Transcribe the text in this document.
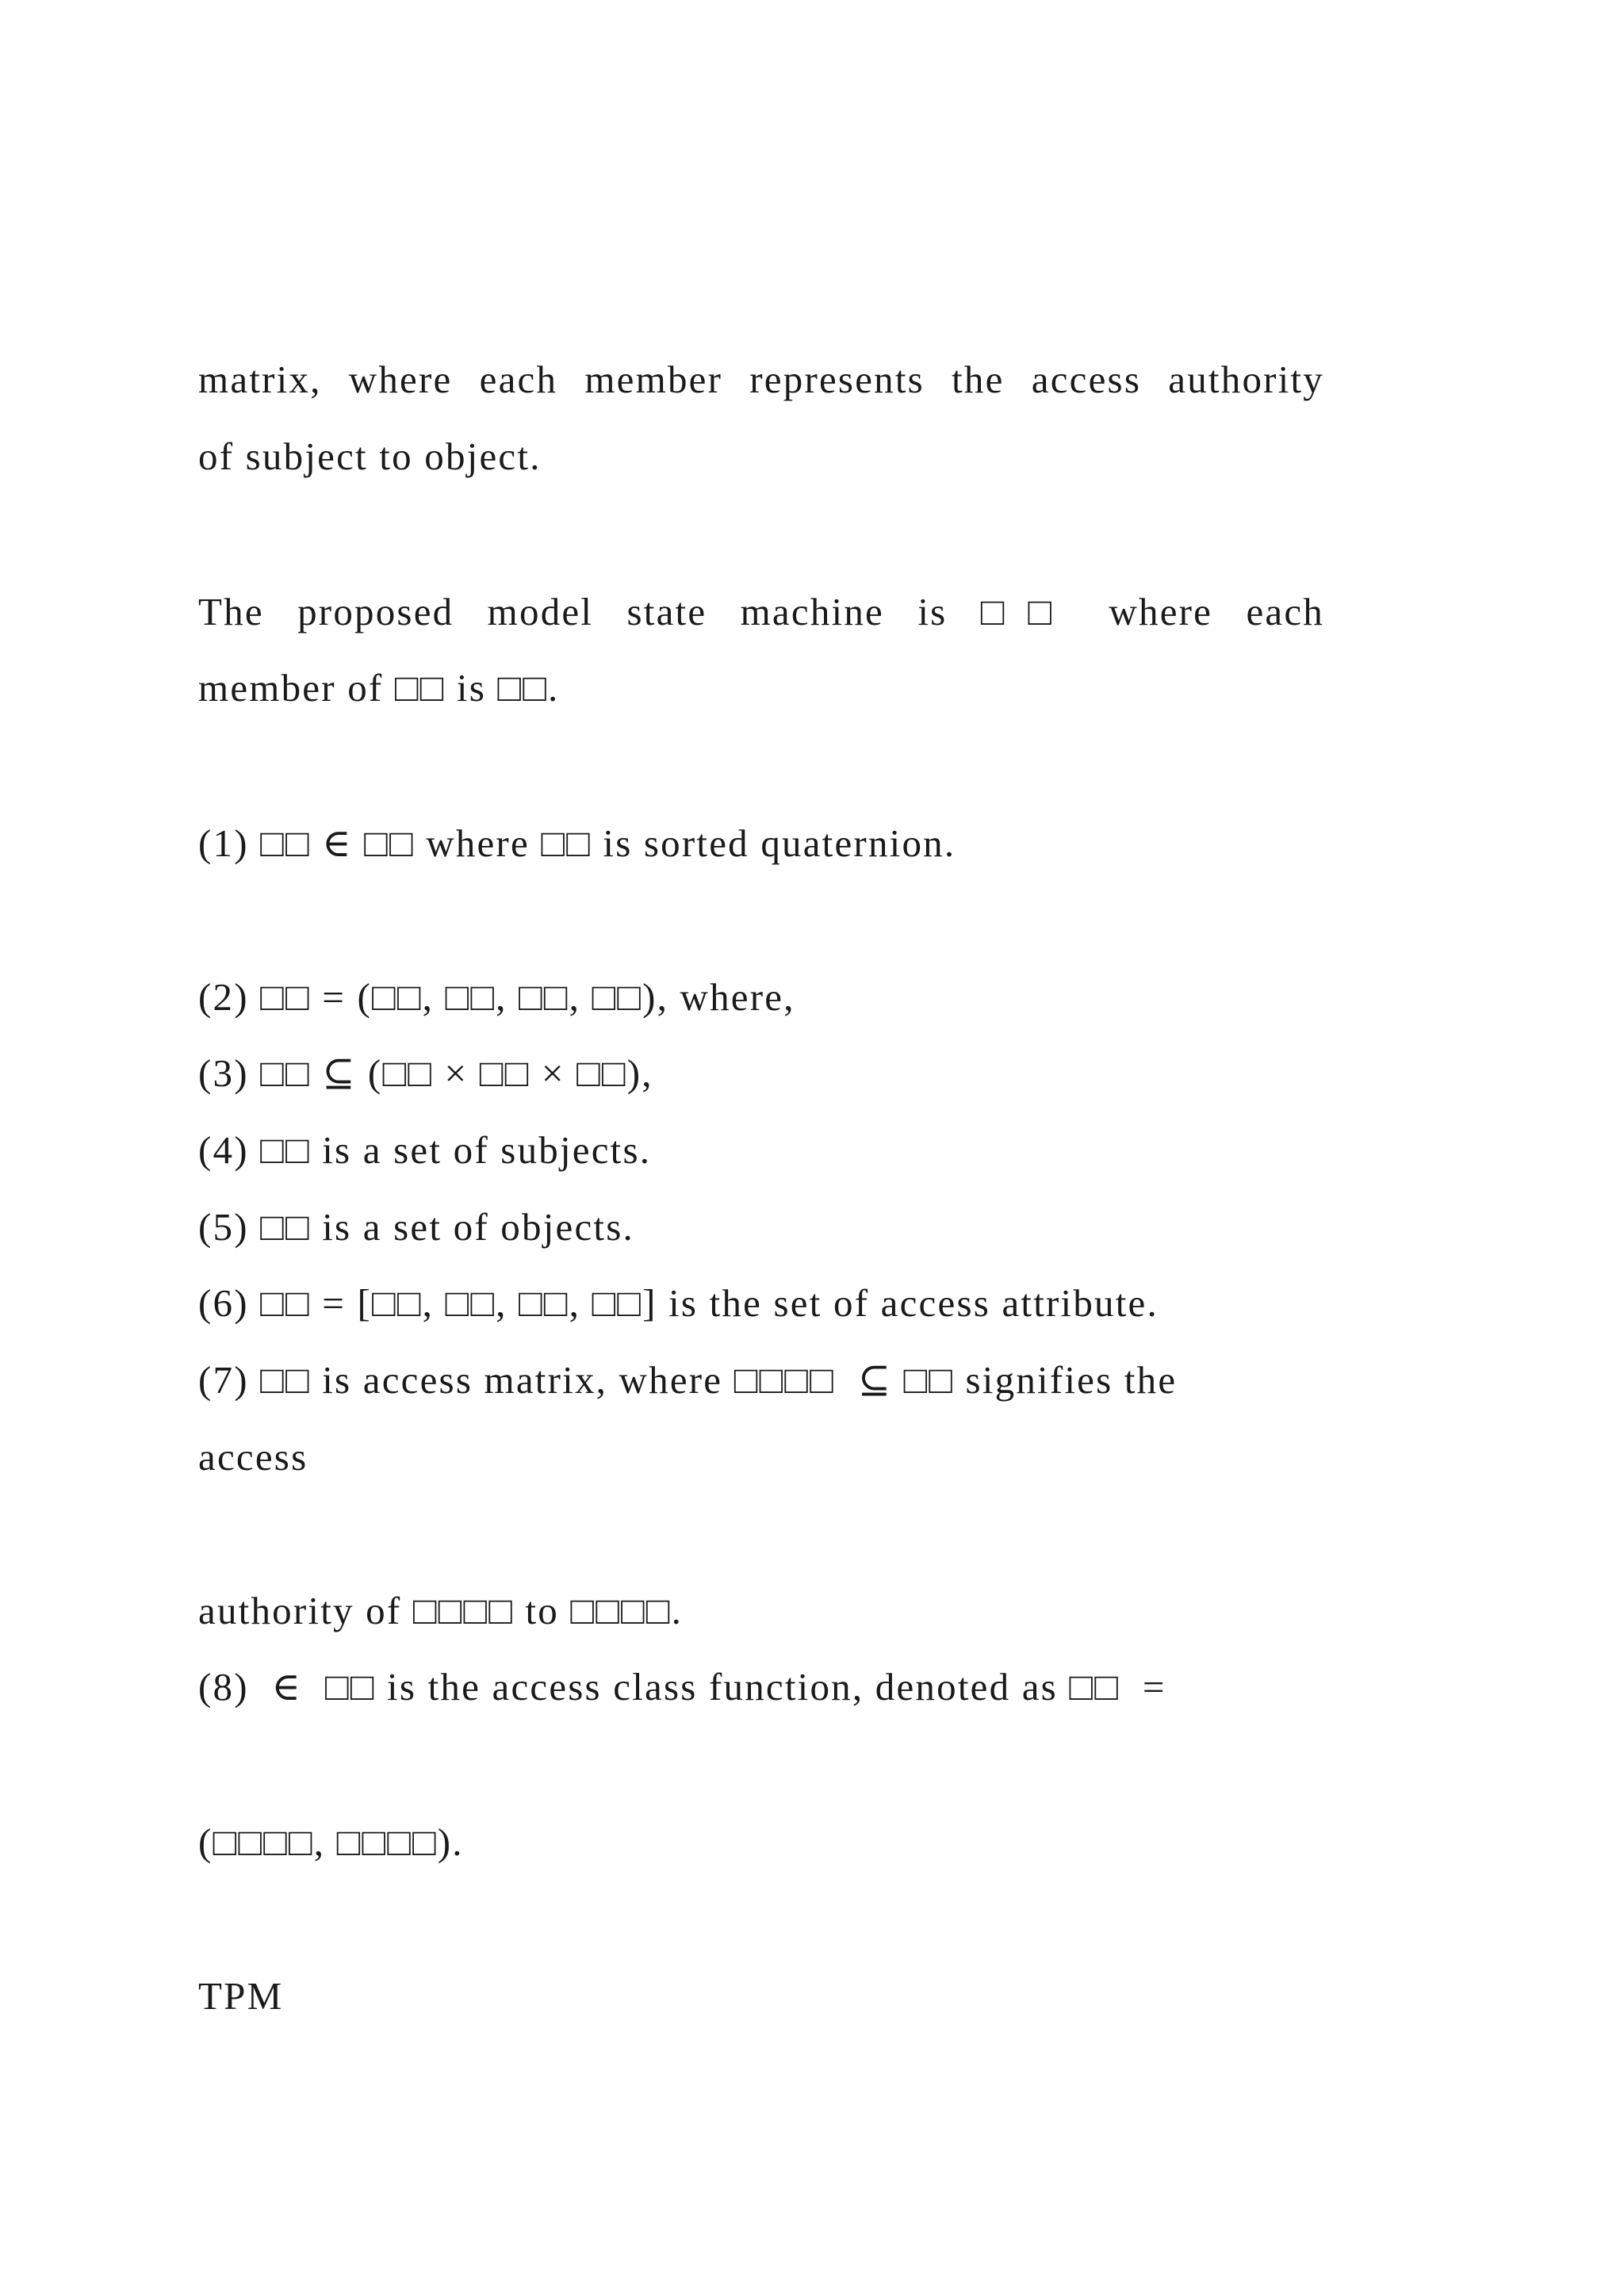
matrix, where each member represents the access authority
of subject to object.
The proposed model state machine is □□ where each
member of □□ is □□.
(1) □□ ∈ □□ where □□ is sorted quaternion.
(2) □□ = (□□, □□, □□, □□), where,
(3) □□ ⊆ (□□ × □□ × □□),
(4) □□ is a set of subjects.
(5) □□ is a set of objects.
(6) □□ = [□□, □□, □□, □□] is the set of access attribute.
(7) □□ is access matrix, where □□□□  ⊆ □□ signifies the
access
authority of □□□□ to □□□□.
(8)  ∈  □□ is the access class function, denoted as □□  =
(□□□□, □□□□).
TPM
